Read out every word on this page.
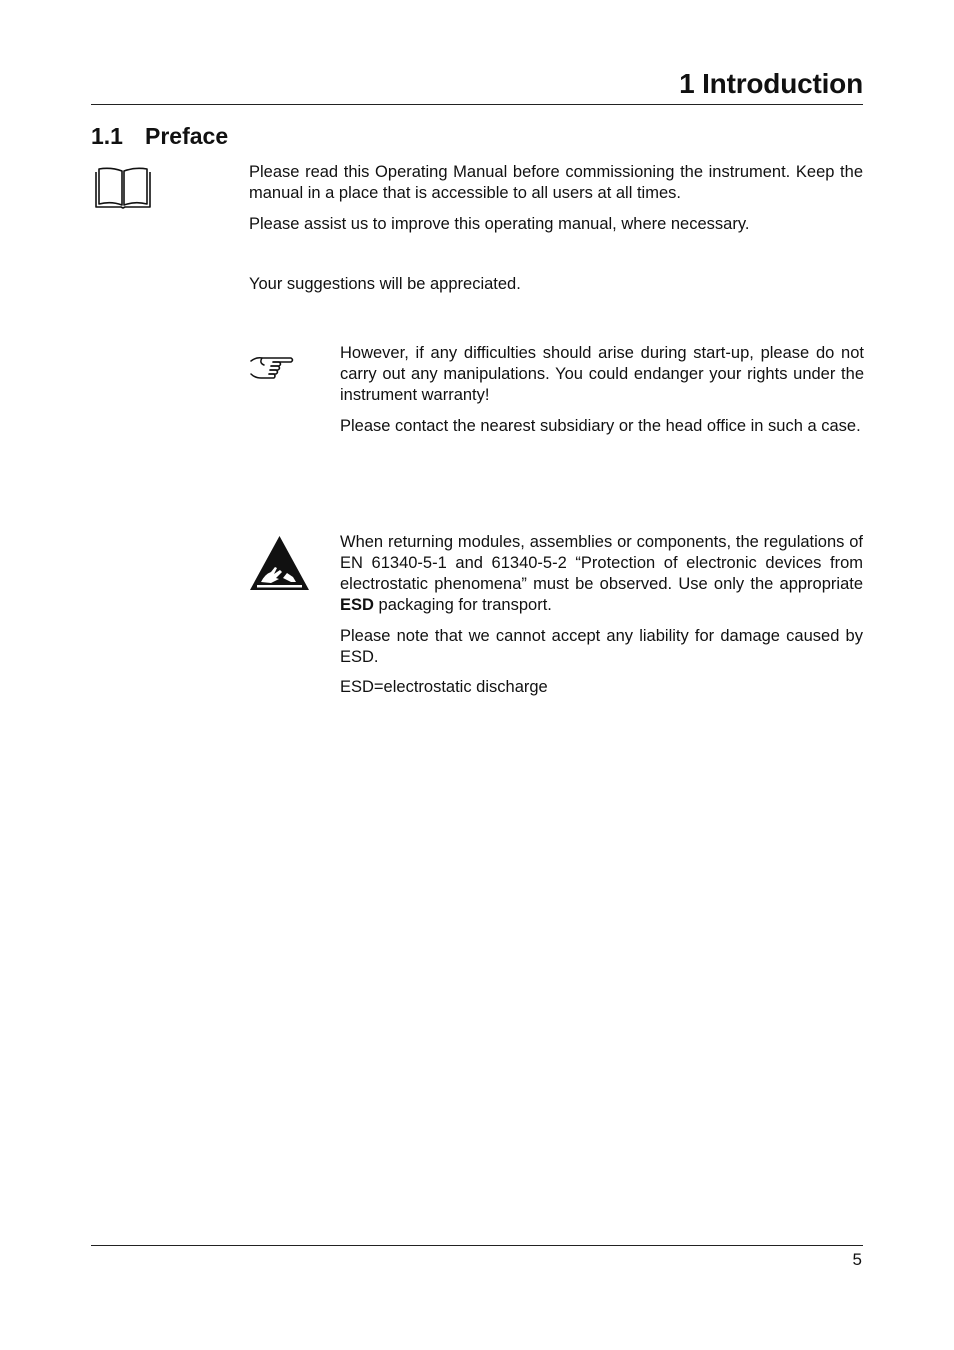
1 Introduction
1.1 Preface

Please read this Operating Manual before commissioning the instrument. Keep the manual in a place that is accessible to all users at all times.

Please assist us to improve this operating manual, where necessary.

Your suggestions will be appreciated.

However, if any difficulties should arise during start-up, please do not carry out any manipulations. You could endanger your rights under the instrument warranty!

Please contact the nearest subsidiary or the head office in such a case.

When returning modules, assemblies or components, the regulations of EN 61340-5-1 and 61340-5-2 “Protection of electronic devices from electrostatic phenomena” must be observed. Use only the appropriate ESD packaging for transport.

Please note that we cannot accept any liability for damage caused by ESD.

ESD=electrostatic discharge

5
